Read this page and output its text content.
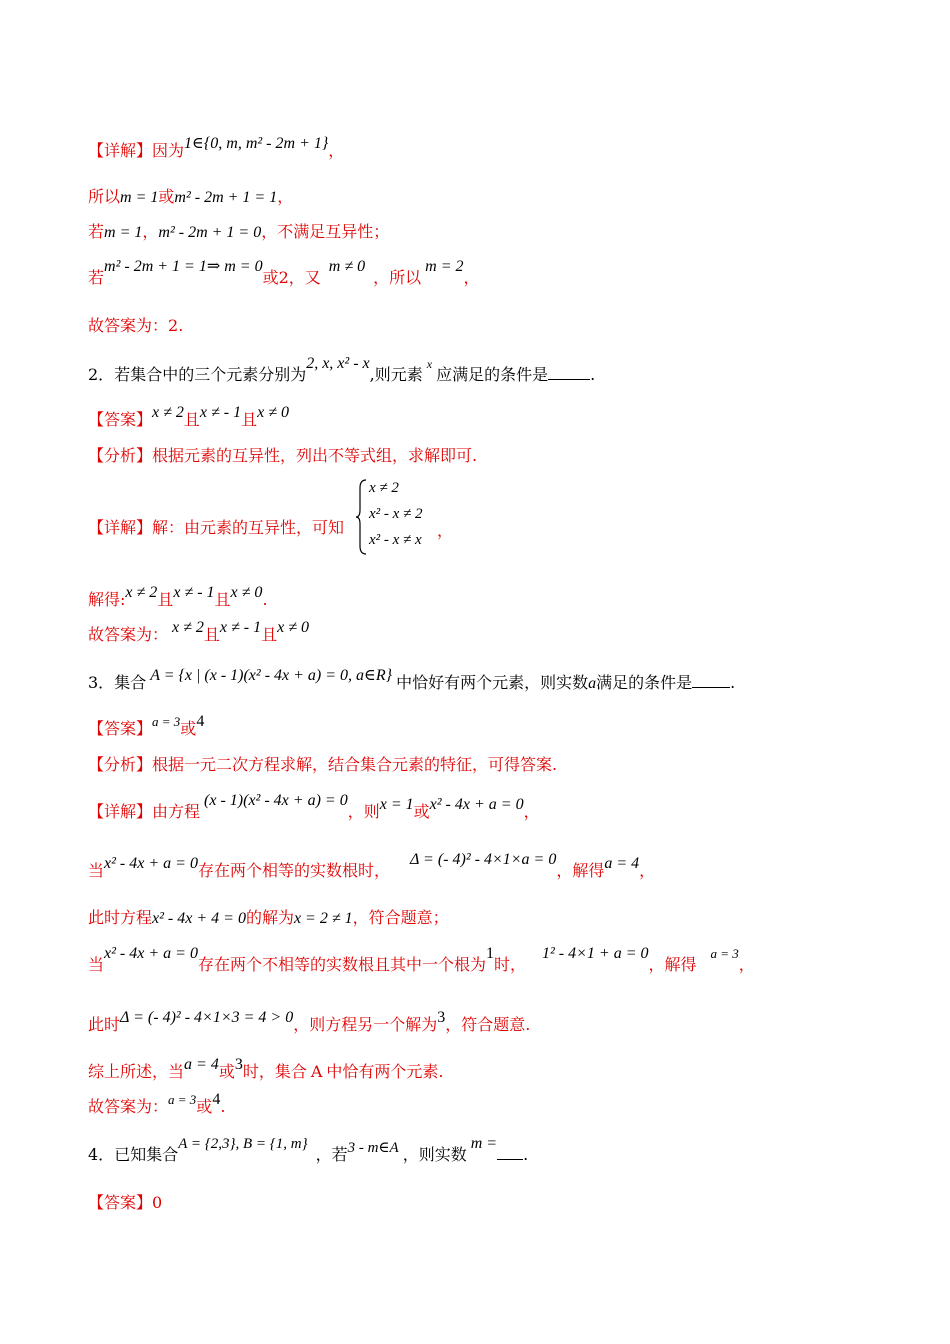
【详解】因为1∈{0, m, m² - 2m + 1}，
所以m = 1或m² - 2m + 1 = 1，
若m = 1，m² - 2m + 1 = 0，不满足互异性；
若m² - 2m + 1 = 1⇒ m = 0或2，又m ≠ 0，所以m = 2，
故答案为：2.
2．若集合中的三个元素分别为2, x, x² - x,则元素$^x$应满足的条件是	.
【答案】x ≠ 2且x ≠ - 1且x ≠ 0
【分析】根据元素的互异性，列出不等式组，求解即可.
【详解】解：由元素的互异性，可知
x ≠ 2
x² - x ≠ 2
x² - x ≠ x ，
解得:x ≠ 2且x ≠ - 1且x ≠ 0.
故答案为： x ≠ 2且x ≠ - 1且x ≠ 0
3．集合 A = {x | (x - 1)(x² - 4x + a) = 0, a∈R} 中恰好有两个元素，则实数a满足的条件是 .
【答案】$^{a = 3}$或4
【分析】根据一元二次方程求解，结合集合元素的特征，可得答案.
【详解】由方程(x - 1)(x² - 4x + a) = 0，则x = 1或x² - 4x + a = 0，
当x² - 4x + a = 0存在两个相等的实数根时，Δ = (- 4)² - 4×1×a = 0，解得a = 4，
此时方程x² - 4x + 4 = 0的解为x = 2 ≠ 1，符合题意；
当x² - 4x + a = 0存在两个不相等的实数根且其中一个根为1时，1² - 4×1 + a = 0，解得$^{a = 3}$，
此时Δ = (- 4)² - 4×1×3 = 4 > 0，则方程另一个解为3，符合题意.
综上所述，当a = 4或3时，集合 A 中恰有两个元素.
故答案为：$^{a = 3}$或4.
4．已知集合A = {2,3}, B = {1, m}，若3 - m∈A ，则实数m =.
【答案】0
